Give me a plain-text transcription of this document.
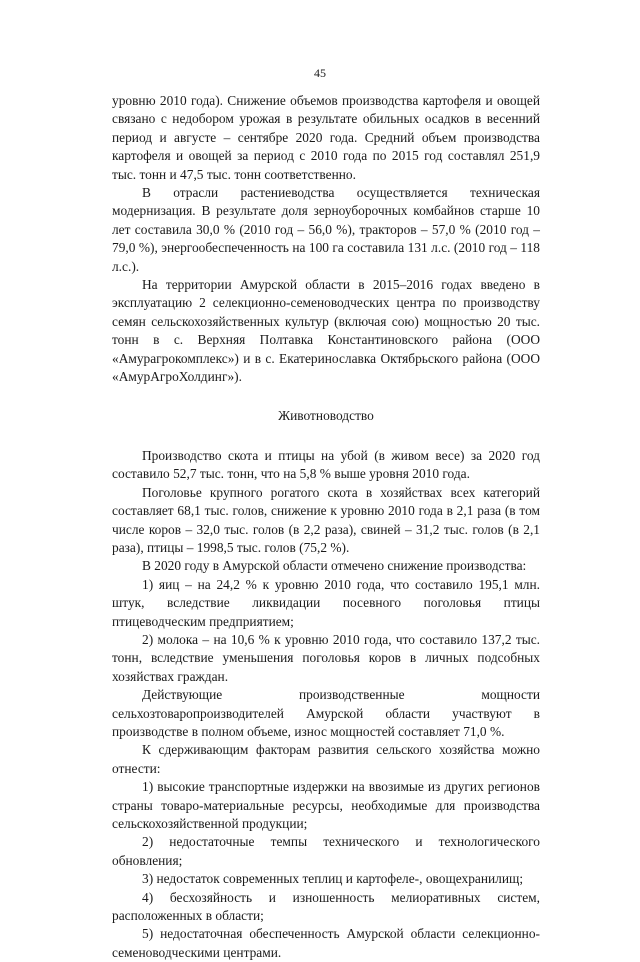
45

уровню 2010 года). Снижение объемов производства картофеля и овощей связано с недобором урожая в результате обильных осадков в весенний период и августе – сентябре 2020 года. Средний объем производства картофеля и овощей за период с 2010 года по 2015 год составлял 251,9 тыс. тонн и 47,5 тыс. тонн соответственно.

В отрасли растениеводства осуществляется техническая модернизация. В результате доля зерноуборочных комбайнов старше 10 лет составила 30,0 % (2010 год – 56,0 %), тракторов – 57,0 % (2010 год – 79,0 %), энергообеспеченность на 100 га составила 131 л.с. (2010 год – 118 л.с.).

На территории Амурской области в 2015–2016 годах введено в эксплуатацию 2 селекционно-семеноводческих центра по производству семян сельскохозяйственных культур (включая сою) мощностью 20 тыс. тонн в с. Верхняя Полтавка Константиновского района (ООО «Амуpагрокомплекс») и в с. Екатеринославка Октябрьского района (ООО «АмурАгроХолдинг»).

Животноводство

Производство скота и птицы на убой (в живом весе) за 2020 год составило 52,7 тыс. тонн, что на 5,8 % выше уровня 2010 года.

Поголовье крупного рогатого скота в хозяйствах всех категорий составляет 68,1 тыс. голов, снижение к уровню 2010 года в 2,1 раза (в том числе коров – 32,0 тыс. голов (в 2,2 раза), свиней – 31,2 тыс. голов (в 2,1 раза), птицы – 1998,5 тыс. голов (75,2 %).

В 2020 году в Амурской области отмечено снижение производства:

1) яиц – на 24,2 % к уровню 2010 года, что составило 195,1 млн. штук, вследствие ликвидации посевного поголовья птицы птицеводческим предприятием;

2) молока – на 10,6 % к уровню 2010 года, что составило 137,2 тыс. тонн, вследствие уменьшения поголовья коров в личных подсобных хозяйствах граждан.

Действующие производственные мощности сельхозтоваропроизводителей Амурской области участвуют в производстве в полном объеме, износ мощностей составляет 71,0 %.

К сдерживающим факторам развития сельского хозяйства можно отнести:

1) высокие транспортные издержки на ввозимые из других регионов страны товаро-материальные ресурсы, необходимые для производства сельскохозяйственной продукции;

2) недостаточные темпы технического и технологического обновления;

3) недостаток современных теплиц и картофеле-, овощехранилищ;

4) бесхозяйность и изношенность мелиоративных систем, расположенных в области;

5) недостаточная обеспеченность Амурской области селекционно-семеноводческими центрами.
